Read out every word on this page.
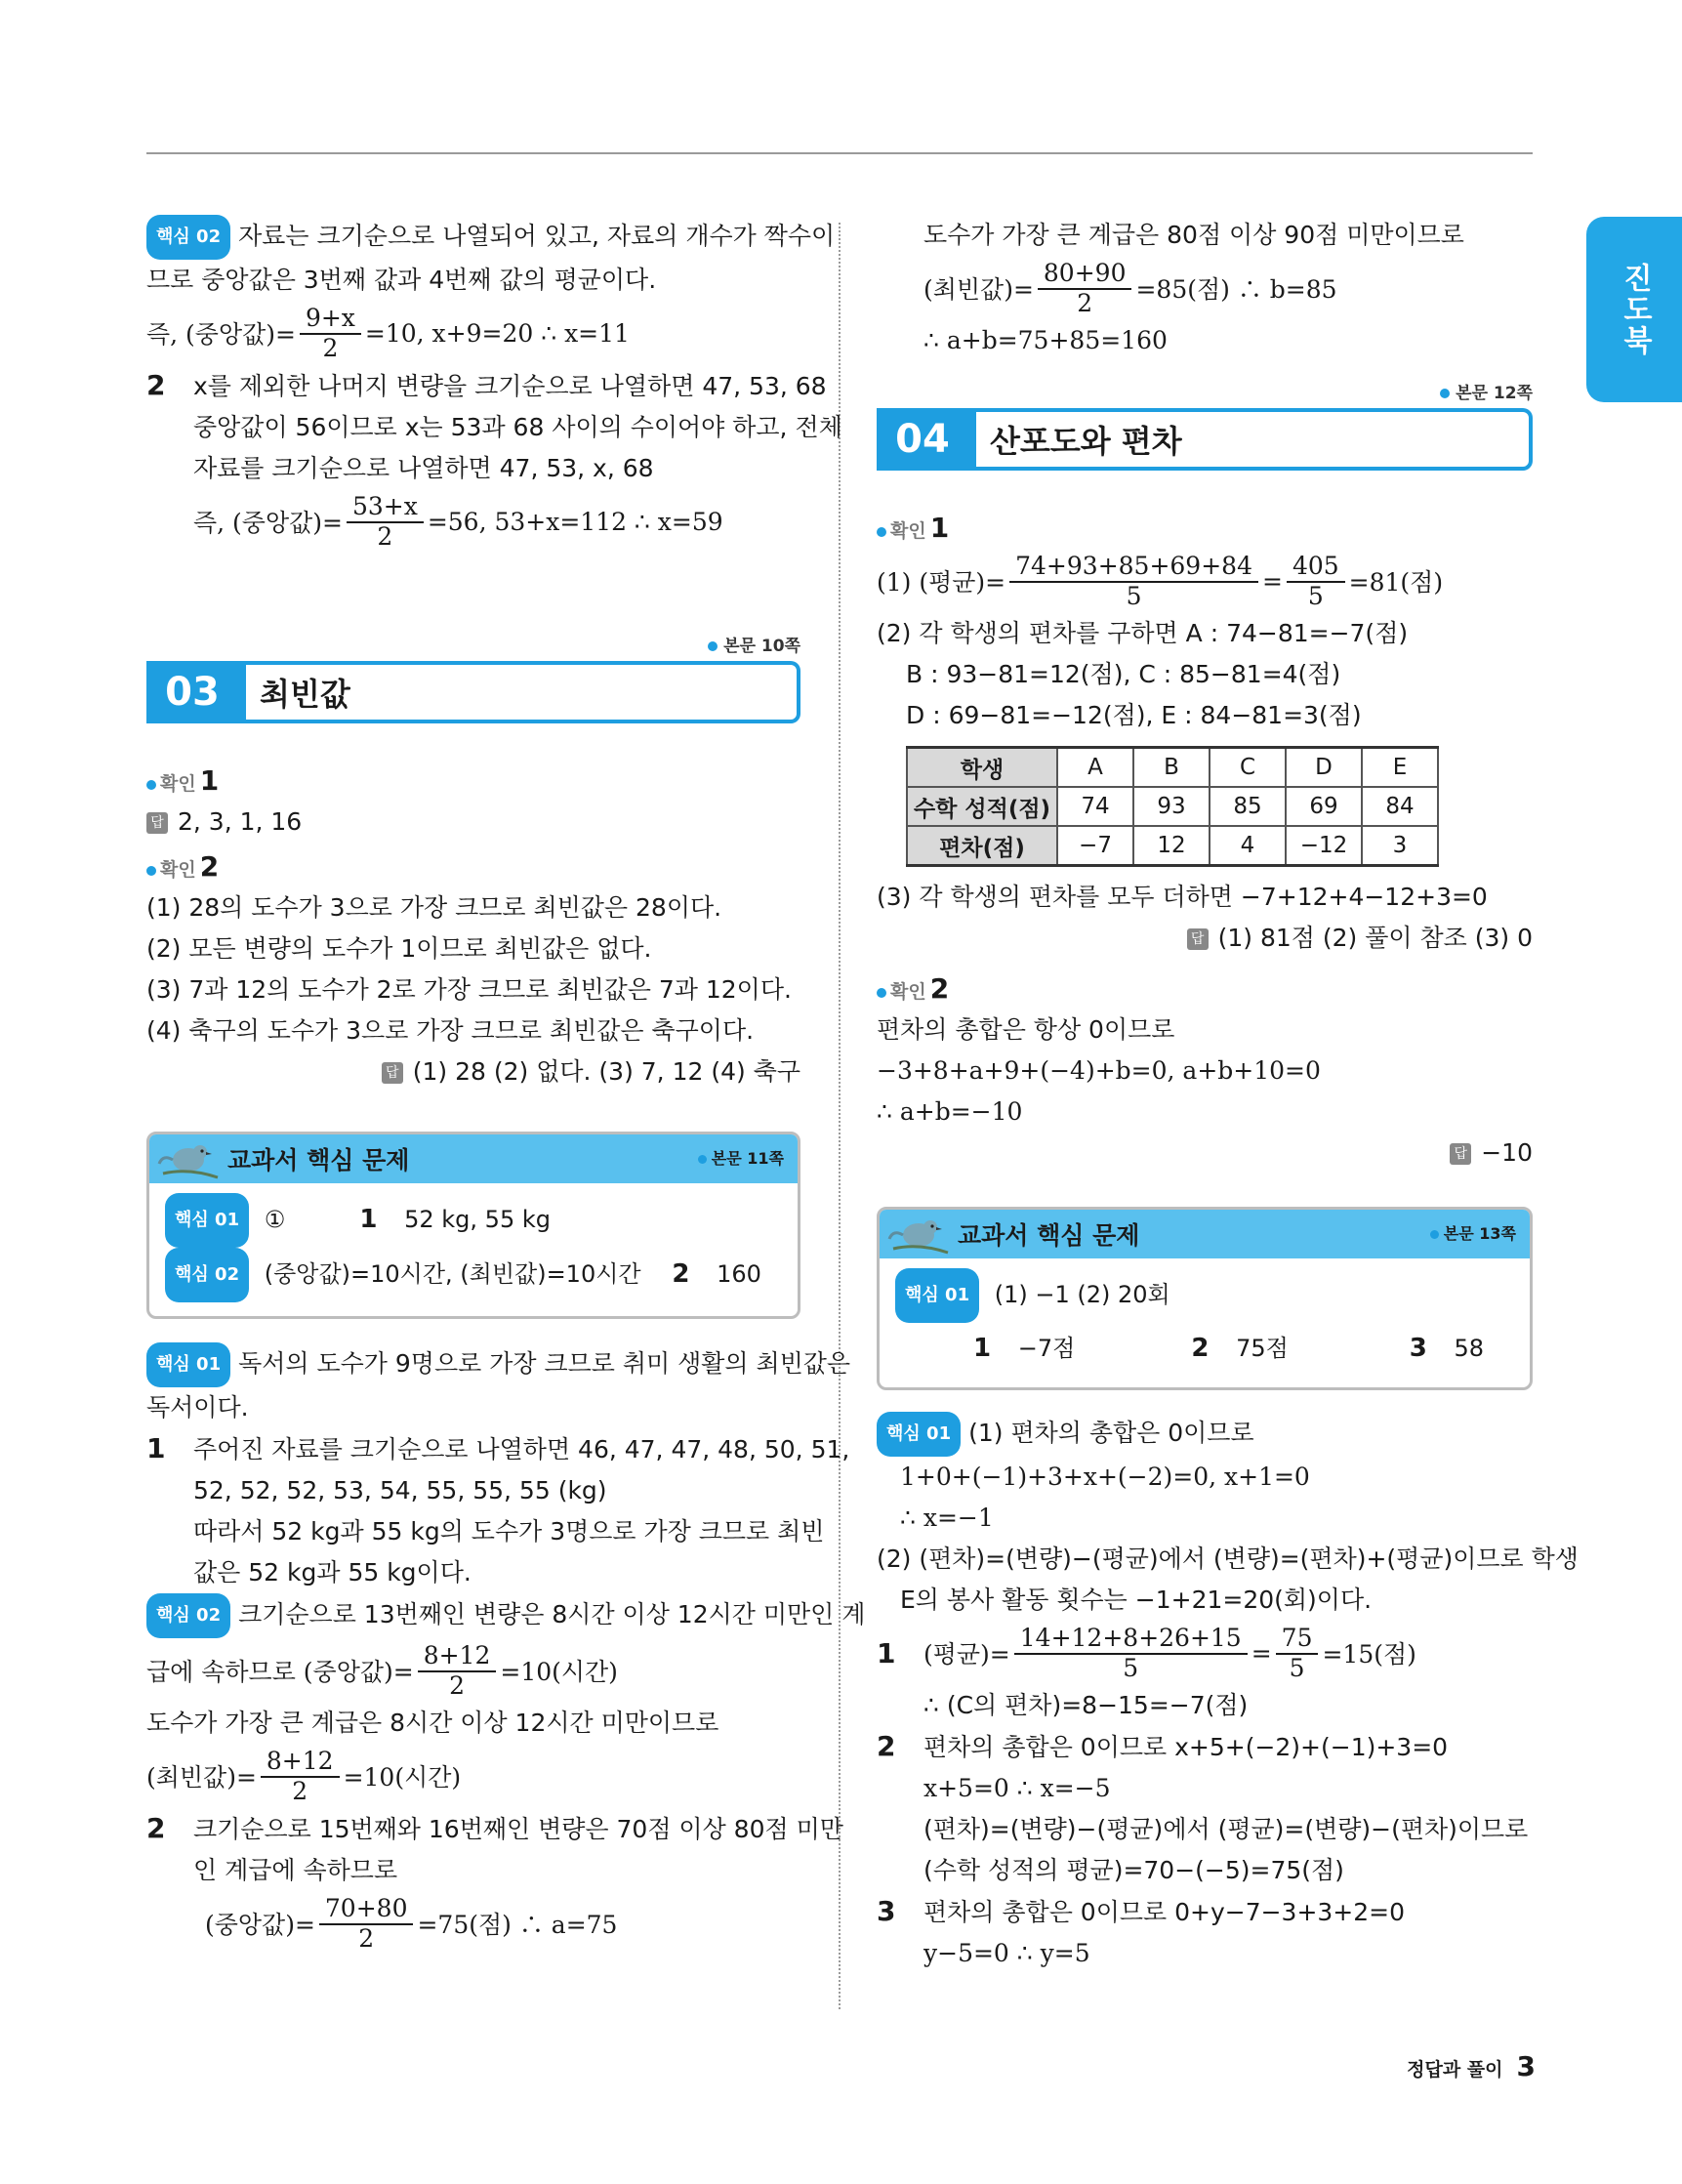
진도북
핵심 02 자료는 크기순으로 나열되어 있고, 자료의 개수가 짝수이
므로 중앙값은 3번째 값과 4번째 값의 평균이다.
즉, (중앙값)= $\frac{9+x}{2} =10$, x+9=20 ∴ x=11
2 x를 제외한 나머지 변량을 크기순으로 나열하면 47, 53, 68
중앙값이 56이므로 x는 53과 68 사이의 수이어야 하고, 전체
자료를 크기순으로 나열하면 47, 53, x, 68
즉, (중앙값)= $\frac{53+x}{2} =56$, 53+x=112 ∴ x=59
본문 10쪽
03	최빈값
확인 1
답 2, 3, 1, 16
확인 2
(1) 28의 도수가 3으로 가장 크므로 최빈값은 28이다.
(2) 모든 변량의 도수가 1이므로 최빈값은 없다.
(3) 7과 12의 도수가 2로 가장 크므로 최빈값은 7과 12이다.
(4) 축구의 도수가 3으로 가장 크므로 최빈값은 축구이다.
답 (1) 28 (2) 없다. (3) 7, 12 (4) 축구
교과서 핵심 문제	본문 11쪽
핵심 01 ①	1 52 kg, 55 kg
핵심 02 (중앙값)=10시간, (최빈값)=10시간 2 160
핵심 01 독서의 도수가 9명으로 가장 크므로 취미 생활의 최빈값은
독서이다.
1 주어진 자료를 크기순으로 나열하면 46, 47, 47, 48, 50, 51,
52, 52, 52, 53, 54, 55, 55, 55 (kg)
따라서 52 kg과 55 kg의 도수가 3명으로 가장 크므로 최빈
값은 52 kg과 55 kg이다.
핵심 02 크기순으로 13번째인 변량은 8시간 이상 12시간 미만인 계
급에 속하므로 (중앙값)= $\frac{8+12}{2} =10$(시간)
도수가 가장 큰 계급은 8시간 이상 12시간 미만이므로
(최빈값)= $\frac{8+12}{2} =10$(시간)
2 크기순으로 15번째와 16번째인 변량은 70점 이상 80점 미만
인 계급에 속하므로
(중앙값)= $\frac{70+80}{2} =75$(점) ∴ a=75
도수가 가장 큰 계급은 80점 이상 90점 미만이므로
(최빈값)= $\frac{80+90}{2} =85$(점) ∴ b=85
∴ a+b=75+85=160
본문 12쪽
04	산포도와 편차
확인 1
(1) (평균)= $\frac{74+93+85+69+84}{5} = \frac{405}{5} =81$(점)
(2) 각 학생의 편차를 구하면 A : 74−81=−7(점)
B : 93−81=12(점), C : 85−81=4(점)
D : 69−81=−12(점), E : 84−81=3(점)
학생	A	B	C	D	E
수학 성적(점)	74	93	85	69	84
편차(점)	−7	12	4	−12	3
(3) 각 학생의 편차를 모두 더하면 −7+12+4−12+3=0
답 (1) 81점 (2) 풀이 참조 (3) 0
확인 2
편차의 총합은 항상 0이므로
−3+8+a+9+(−4)+b=0, a+b+10=0
∴ a+b=−10
답 −10
교과서 핵심 문제	본문 13쪽
핵심 01 (1) −1 (2) 20회
1 −7점	2 75점	3 58
핵심 01 (1) 편차의 총합은 0이므로
1+0+(−1)+3+x+(−2)=0, x+1=0
∴ x=−1
(2) (편차)=(변량)−(평균)에서 (변량)=(편차)+(평균)이므로 학생
E의 봉사 활동 횟수는 −1+21=20(회)이다.
1	(평균)= $\frac{14+12+8+26+15}{5} = \frac{75}{5} =15$(점)
∴ (C의 편차)=8−15=−7(점)
2 편차의 총합은 0이므로 x+5+(−2)+(−1)+3=0
x+5=0 ∴ x=−5
(편차)=(변량)−(평균)에서 (평균)=(변량)−(편차)이므로
(수학 성적의 평균)=70−(−5)=75(점)
3 편차의 총합은 0이므로 0+y−7−3+3+2=0
y−5=0 ∴ y=5
정답과 풀이 3
